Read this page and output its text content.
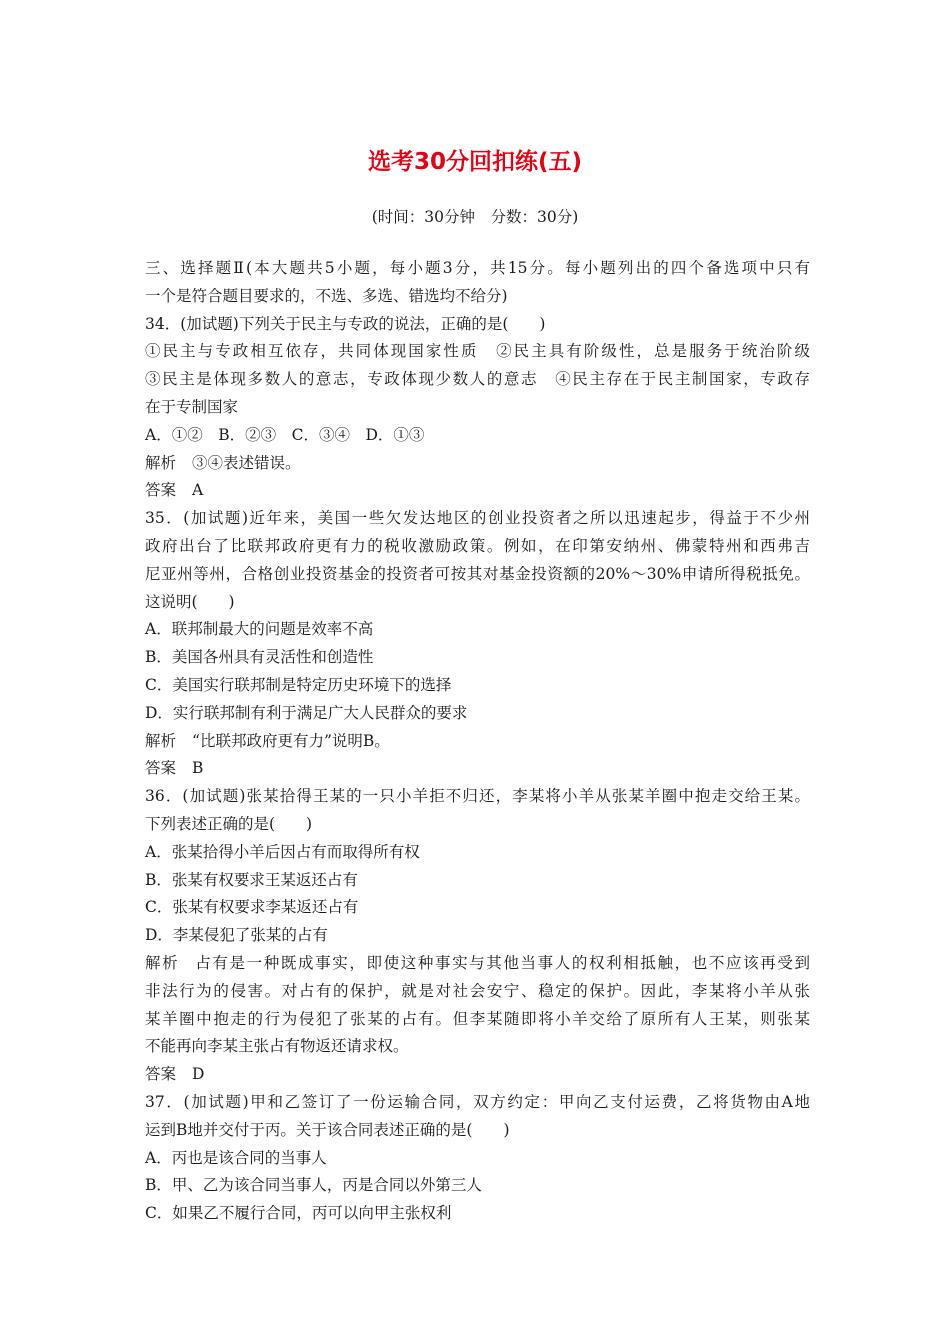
选考30分回扣练(五)
(时间：30分钟　分数：30分)
三、选择题Ⅱ(本大题共5小题，每小题3分，共15分。每小题列出的四个备选项中只有
一个是符合题目要求的，不选、多选、错选均不给分)
34．(加试题)下列关于民主与专政的说法，正确的是(　　)
①民主与专政相互依存，共同体现国家性质　②民主具有阶级性，总是服务于统治阶级
③民主是体现多数人的意志，专政体现少数人的意志　④民主存在于民主制国家，专政存
在于专制国家
A．①②　B．②③　C．③④　D．①③
解析 ③④表述错误。
答案 A
35．(加试题)近年来，美国一些欠发达地区的创业投资者之所以迅速起步，得益于不少州
政府出台了比联邦政府更有力的税收激励政策。例如，在印第安纳州、佛蒙特州和西弗吉
尼亚州等州，合格创业投资基金的投资者可按其对基金投资额的20%～30%申请所得税抵免。
这说明(　　)
A．联邦制最大的问题是效率不高
B．美国各州具有灵活性和创造性
C．美国实行联邦制是特定历史环境下的选择
D．实行联邦制有利于满足广大人民群众的要求
解析 “比联邦政府更有力”说明B。
答案 B
36．(加试题)张某拾得王某的一只小羊拒不归还，李某将小羊从张某羊圈中抱走交给王某。
下列表述正确的是(　　)
A．张某拾得小羊后因占有而取得所有权
B．张某有权要求王某返还占有
C．张某有权要求李某返还占有
D．李某侵犯了张某的占有
解析 占有是一种既成事实，即使这种事实与其他当事人的权利相抵触，也不应该再受到
非法行为的侵害。对占有的保护，就是对社会安宁、稳定的保护。因此，李某将小羊从张
某羊圈中抱走的行为侵犯了张某的占有。但李某随即将小羊交给了原所有人王某，则张某
不能再向李某主张占有物返还请求权。
答案 D
37．(加试题)甲和乙签订了一份运输合同，双方约定：甲向乙支付运费，乙将货物由A地
运到B地并交付于丙。关于该合同表述正确的是(　　)
A．丙也是该合同的当事人
B．甲、乙为该合同当事人，丙是合同以外第三人
C．如果乙不履行合同，丙可以向甲主张权利
